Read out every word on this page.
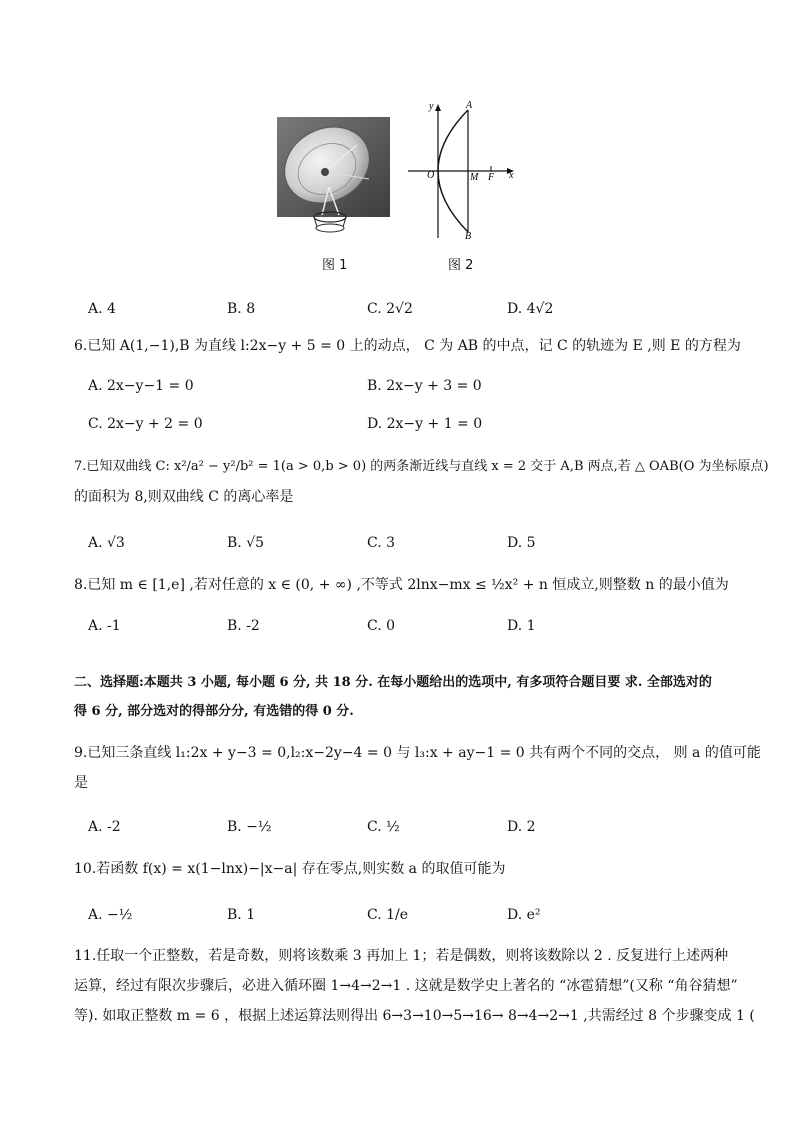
y	A
O	M F x
B
图 1	图 2
A. 4	B. 8	C. 2√2	D. 4√2
6.已知 A(1,−1),B 为直线 l:2x−y + 5 = 0 上的动点， C 为 AB 的中点，记 C 的轨迹为 E ,则 E 的方程为
A. 2x−y−1 = 0	B. 2x−y + 3 = 0
C. 2x−y + 2 = 0	D. 2x−y + 1 = 0
7.已知双曲线 C: x²/a² − y²/b² = 1(a > 0,b > 0) 的两条渐近线与直线 x = 2 交于 A,B 两点,若 △ OAB(O 为坐标原点)
的面积为 8,则双曲线 C 的离心率是
A. √3	B. √5	C. 3	D. 5
8.已知 m ∈ [1,e] ,若对任意的 x ∈ (0, + ∞) ,不等式 2lnx−mx ≤ ½x² + n 恒成立,则整数 n 的最小值为
A. -1	B. -2	C. 0	D. 1
二、选择题:本题共 3 小题, 每小题 6 分, 共 18 分. 在每小题给出的选项中, 有多项符合题目要 求. 全部选对的
得 6 分, 部分选对的得部分分, 有选错的得 0 分.
9.已知三条直线 l₁:2x + y−3 = 0,l₂:x−2y−4 = 0 与 l₃:x + ay−1 = 0 共有两个不同的交点， 则 a 的值可能
是
A. -2	B. −½	C. ½	D. 2
10.若函数 f(x) = x(1−lnx)−|x−a| 存在零点,则实数 a 的取值可能为
A. −½	B. 1	C. 1/e	D. e²
11.任取一个正整数，若是奇数，则将该数乘 3 再加上 1；若是偶数，则将该数除以 2 . 反复进行上述两种
运算，经过有限次步骤后，必进入循环圈 1→4→2→1 . 这就是数学史上著名的 “冰雹猜想”(又称 “角谷猜想”
等). 如取正整数 m = 6 ，根据上述运算法则得出 6→3→10→5→16→ 8→4→2→1 ,共需经过 8 个步骤变成 1 (
